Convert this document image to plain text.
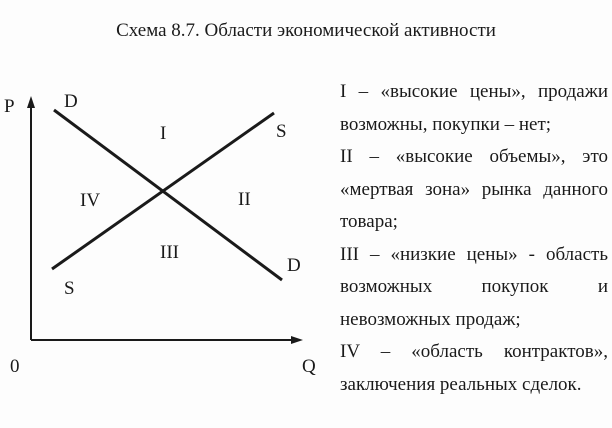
Схема 8.7. Области экономической активности
P
Q
0
D
D
S
S
I
II
III
IV

I – «высокие цены», продажи возможны, покупки – нет;

II – «высокие объемы», это «мертвая зона» рынка данного товара;

III – «низкие цены» - область возможных покупок и невозможных продаж;

IV – «область контрактов», заключения реальных сделок.
